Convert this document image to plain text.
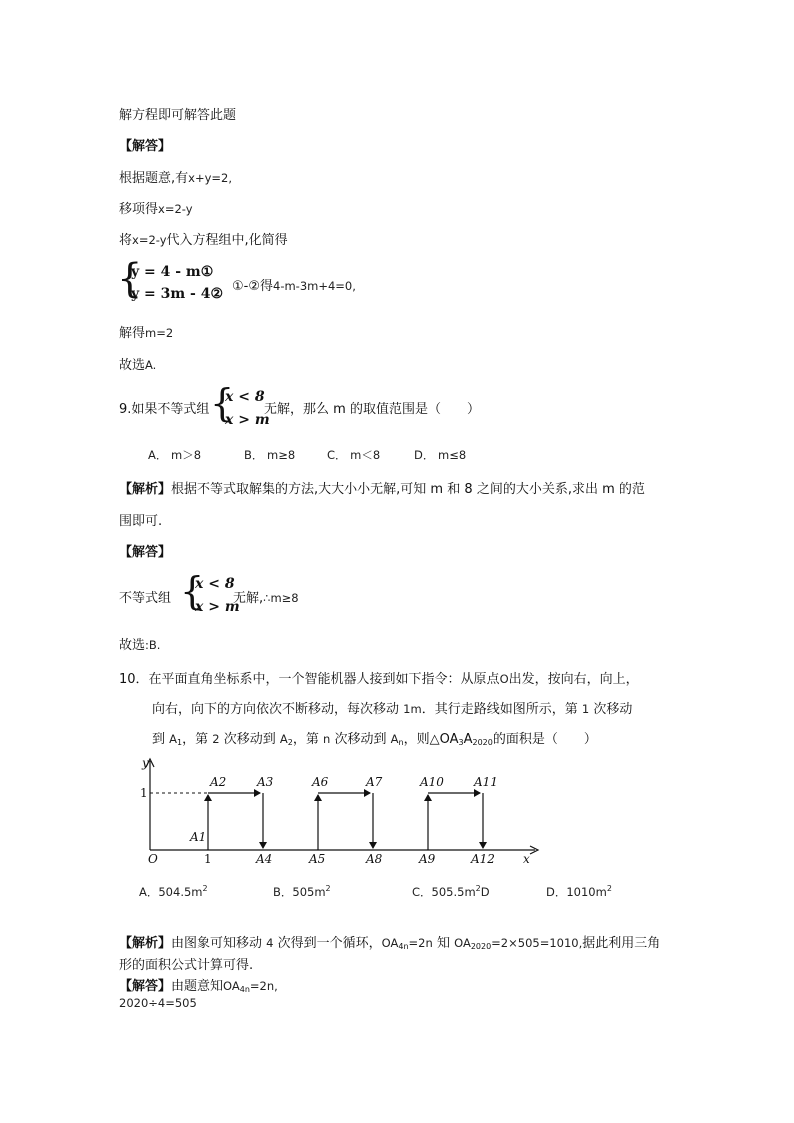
解方程即可解答此题
【解答】
根据题意,有x+y=2,
移项得x=2-y
将x=2-y代入方程组中,化简得
{
y = 4 - m①
y = 3m - 4② ①-②得4-m-3m+4=0,
解得m=2
故选A.
9.如果不等式组 {
x < 8
x > m
无解，那么 m 的取值范围是（　　）
A． m＞8	B． m≥8	C． m＜8	D． m≤8
【解析】根据不等式取解集的方法,大大小小无解,可知 m 和 8 之间的大小关系,求出 m 的范
围即可.
【解答】
不等式组 {
x < 8
x > m
无解,∴m≥8
故选:B.
10．在平面直角坐标系中，一个智能机器人接到如下指令：从原点O出发，按向右，向上，
向右，向下的方向依次不断移动，每次移动 1m．其行走路线如图所示，第 1 次移动
到 $A_1$，第 2 次移动到 $A_2$，第 n 次移动到 $A_n$，则$\triangle OA_3A_{2020}$的面积是（　　）
y
x
O
1
1
A1
A2	A3	A6	A7	A10	A11
A4	A5	A8	A9	A12
A．$504.5m^2$	B．$505m^2$	C．$505.5m^2D$	D．$1010m^2$
【解析】由图象可知移动 4 次得到一个循环，$OA_{4n}=2n$ 知 $OA_{2020}=2\times 505=1010$,据此利用三角
形的面积公式计算可得.
【解答】由题意知$OA_{4n}=2n$,
2020÷4=505
